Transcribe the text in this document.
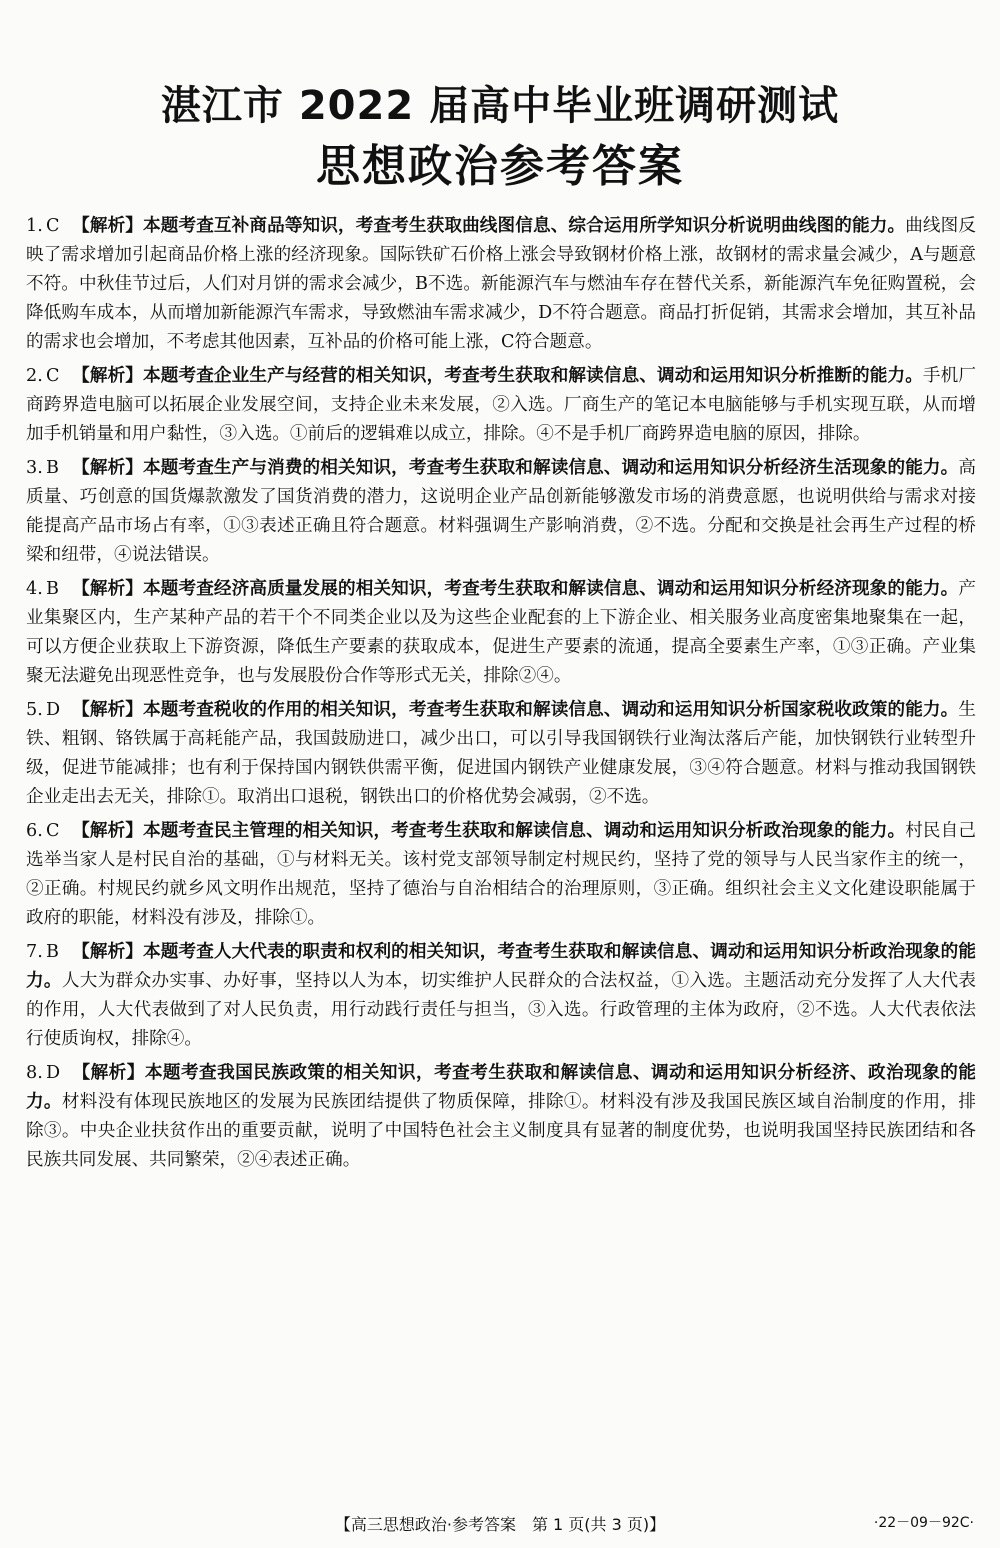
湛江市 2022 届高中毕业班调研测试
思想政治参考答案
1. C 【解析】本题考查互补商品等知识，考查考生获取曲线图信息、综合运用所学知识分析说明曲线图的能力。曲线图反映了需求增加引起商品价格上涨的经济现象。国际铁矿石价格上涨会导致钢材价格上涨，故钢材的需求量会减少，A与题意不符。中秋佳节过后，人们对月饼的需求会减少，B不选。新能源汽车与燃油车存在替代关系，新能源汽车免征购置税，会降低购车成本，从而增加新能源汽车需求，导致燃油车需求减少，D不符合题意。商品打折促销，其需求会增加，其互补品的需求也会增加，不考虑其他因素，互补品的价格可能上涨，C符合题意。
2. C 【解析】本题考查企业生产与经营的相关知识，考查考生获取和解读信息、调动和运用知识分析推断的能力。手机厂商跨界造电脑可以拓展企业发展空间，支持企业未来发展，②入选。厂商生产的笔记本电脑能够与手机实现互联，从而增加手机销量和用户黏性，③入选。①前后的逻辑难以成立，排除。④不是手机厂商跨界造电脑的原因，排除。
3. B 【解析】本题考查生产与消费的相关知识，考查考生获取和解读信息、调动和运用知识分析经济生活现象的能力。高质量、巧创意的国货爆款激发了国货消费的潜力，这说明企业产品创新能够激发市场的消费意愿，也说明供给与需求对接能提高产品市场占有率，①③表述正确且符合题意。材料强调生产影响消费，②不选。分配和交换是社会再生产过程的桥梁和纽带，④说法错误。
4. B 【解析】本题考查经济高质量发展的相关知识，考查考生获取和解读信息、调动和运用知识分析经济现象的能力。产业集聚区内，生产某种产品的若干个不同类企业以及为这些企业配套的上下游企业、相关服务业高度密集地聚集在一起，可以方便企业获取上下游资源，降低生产要素的获取成本，促进生产要素的流通，提高全要素生产率，①③正确。产业集聚无法避免出现恶性竞争，也与发展股份合作等形式无关，排除②④。
5. D 【解析】本题考查税收的作用的相关知识，考查考生获取和解读信息、调动和运用知识分析国家税收政策的能力。生铁、粗钢、铬铁属于高耗能产品，我国鼓励进口，减少出口，可以引导我国钢铁行业淘汰落后产能，加快钢铁行业转型升级，促进节能减排；也有利于保持国内钢铁供需平衡，促进国内钢铁产业健康发展，③④符合题意。材料与推动我国钢铁企业走出去无关，排除①。取消出口退税，钢铁出口的价格优势会减弱，②不选。
6. C 【解析】本题考查民主管理的相关知识，考查考生获取和解读信息、调动和运用知识分析政治现象的能力。村民自己选举当家人是村民自治的基础，①与材料无关。该村党支部领导制定村规民约，坚持了党的领导与人民当家作主的统一，②正确。村规民约就乡风文明作出规范，坚持了德治与自治相结合的治理原则，③正确。组织社会主义文化建设职能属于政府的职能，材料没有涉及，排除①。
7. B 【解析】本题考查人大代表的职责和权利的相关知识，考查考生获取和解读信息、调动和运用知识分析政治现象的能力。人大为群众办实事、办好事，坚持以人为本，切实维护人民群众的合法权益，①入选。主题活动充分发挥了人大代表的作用，人大代表做到了对人民负责，用行动践行责任与担当，③入选。行政管理的主体为政府，②不选。人大代表依法行使质询权，排除④。
8. D 【解析】本题考查我国民族政策的相关知识，考查考生获取和解读信息、调动和运用知识分析经济、政治现象的能力。材料没有体现民族地区的发展为民族团结提供了物质保障，排除①。材料没有涉及我国民族区域自治制度的作用，排除③。中央企业扶贫作出的重要贡献，说明了中国特色社会主义制度具有显著的制度优势，也说明我国坚持民族团结和各民族共同发展、共同繁荣，②④表述正确。
【高三思想政治·参考答案　第 1 页(共 3 页)】	·22－09－92C·
